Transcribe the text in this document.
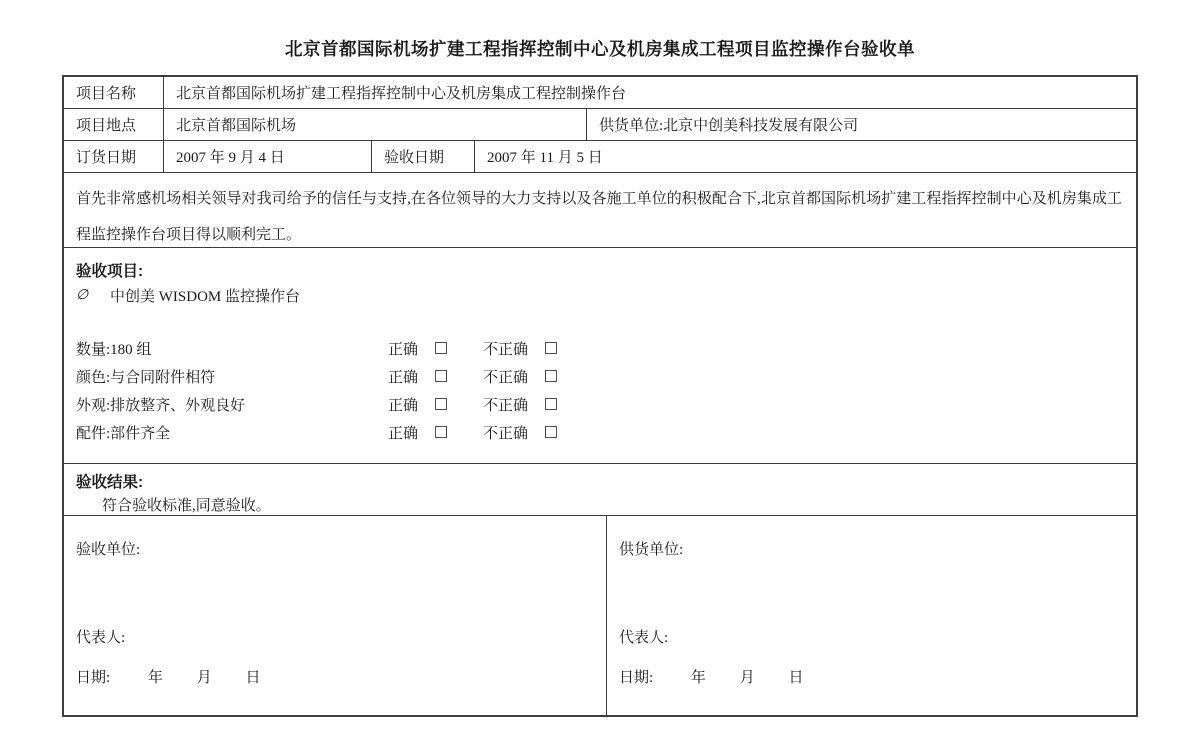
北京首都国际机场扩建工程指挥控制中心及机房集成工程项目监控操作台验收单
项目名称	北京首都国际机场扩建工程指挥控制中心及机房集成工程控制操作台
项目地点	北京首都国际机场	供货单位:北京中创美科技发展有限公司
订货日期	2007 年 9 月 4 日	验收日期	2007 年 11 月 5 日
首先非常感机场相关领导对我司给予的信任与支持,在各位领导的大力支持以及各施工单位的积极配合下,北京首都国际机场扩建工程指挥控制中心及机房集成工程监控操作台项目得以顺利完工。
验收项目:
∅	中创美 WISDOM 监控操作台
数量:180 组	正确	不正确
颜色:与合同附件相符	正确	不正确
外观:排放整齐、外观良好	正确	不正确
配件:部件齐全	正确	不正确
验收结果:
符合验收标准,同意验收。
验收单位:
代表人:
日期:	年 月 日
供货单位:
代表人:
日期:	年 月 日
